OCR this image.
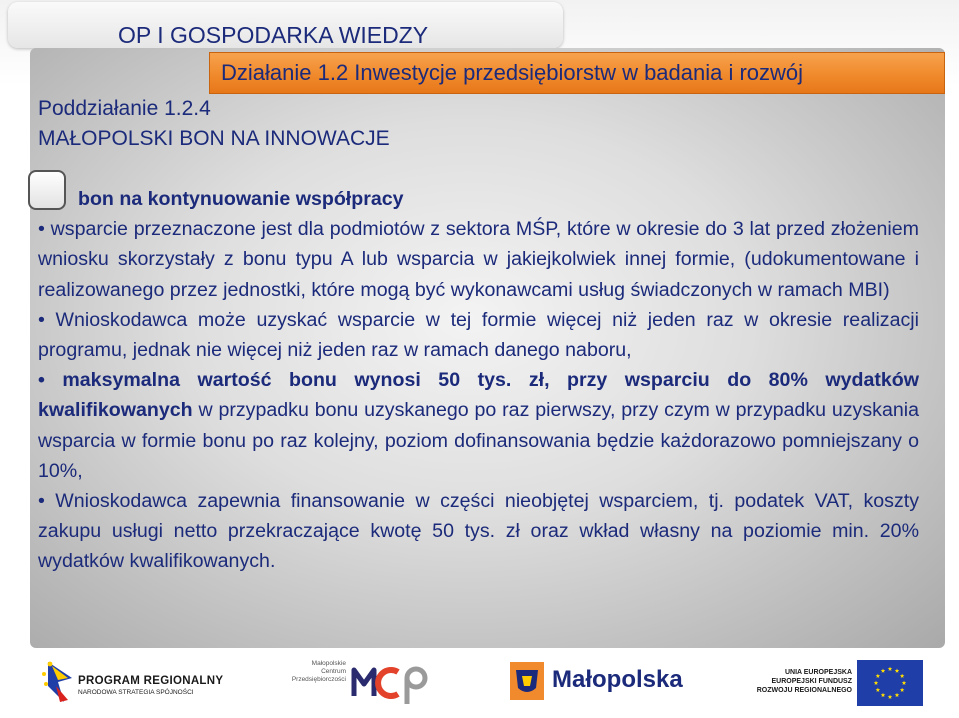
OP I GOSPODARKA WIEDZY
Działanie 1.2 Inwestycje przedsiębiorstw w badania i rozwój
Poddziałanie 1.2.4
MAŁOPOLSKI BON NA INNOWACJE

bon na kontynuowanie współpracy

• wsparcie przeznaczone jest dla podmiotów z sektora MŚP, które w okresie do 3 lat przed złożeniem wniosku skorzystały z bonu typu A lub wsparcia w jakiejkolwiek innej formie, (udokumentowane i realizowanego przez jednostki, które mogą być wykonawcami usług świadczonych w ramach MBI)

• Wnioskodawca może uzyskać wsparcie w tej formie więcej niż jeden raz w okresie realizacji programu, jednak nie więcej niż jeden raz w ramach danego naboru,

• maksymalna wartość bonu wynosi 50 tys. zł, przy wsparciu do 80% wydatków kwalifikowanych w przypadku bonu uzyskanego po raz pierwszy, przy czym w przypadku uzyskania wsparcia w formie bonu po raz kolejny, poziom dofinansowania będzie każdorazowo pomniejszany o 10%,

• Wnioskodawca zapewnia finansowanie w części nieobjętej wsparciem, tj. podatek VAT, koszty zakupu usługi netto przekraczające kwotę 50 tys. zł oraz wkład własny na poziomie min. 20% wydatków kwalifikowanych.

PROGRAM REGIONALNY
NARODOWA STRATEGIA SPÓJNOŚCI
Małopolskie
Centrum
Przedsiębiorczości	Małopolska	UNIA EUROPEJSKA
EUROPEJSKI FUNDUSZ
ROZWOJU REGIONALNEGO
